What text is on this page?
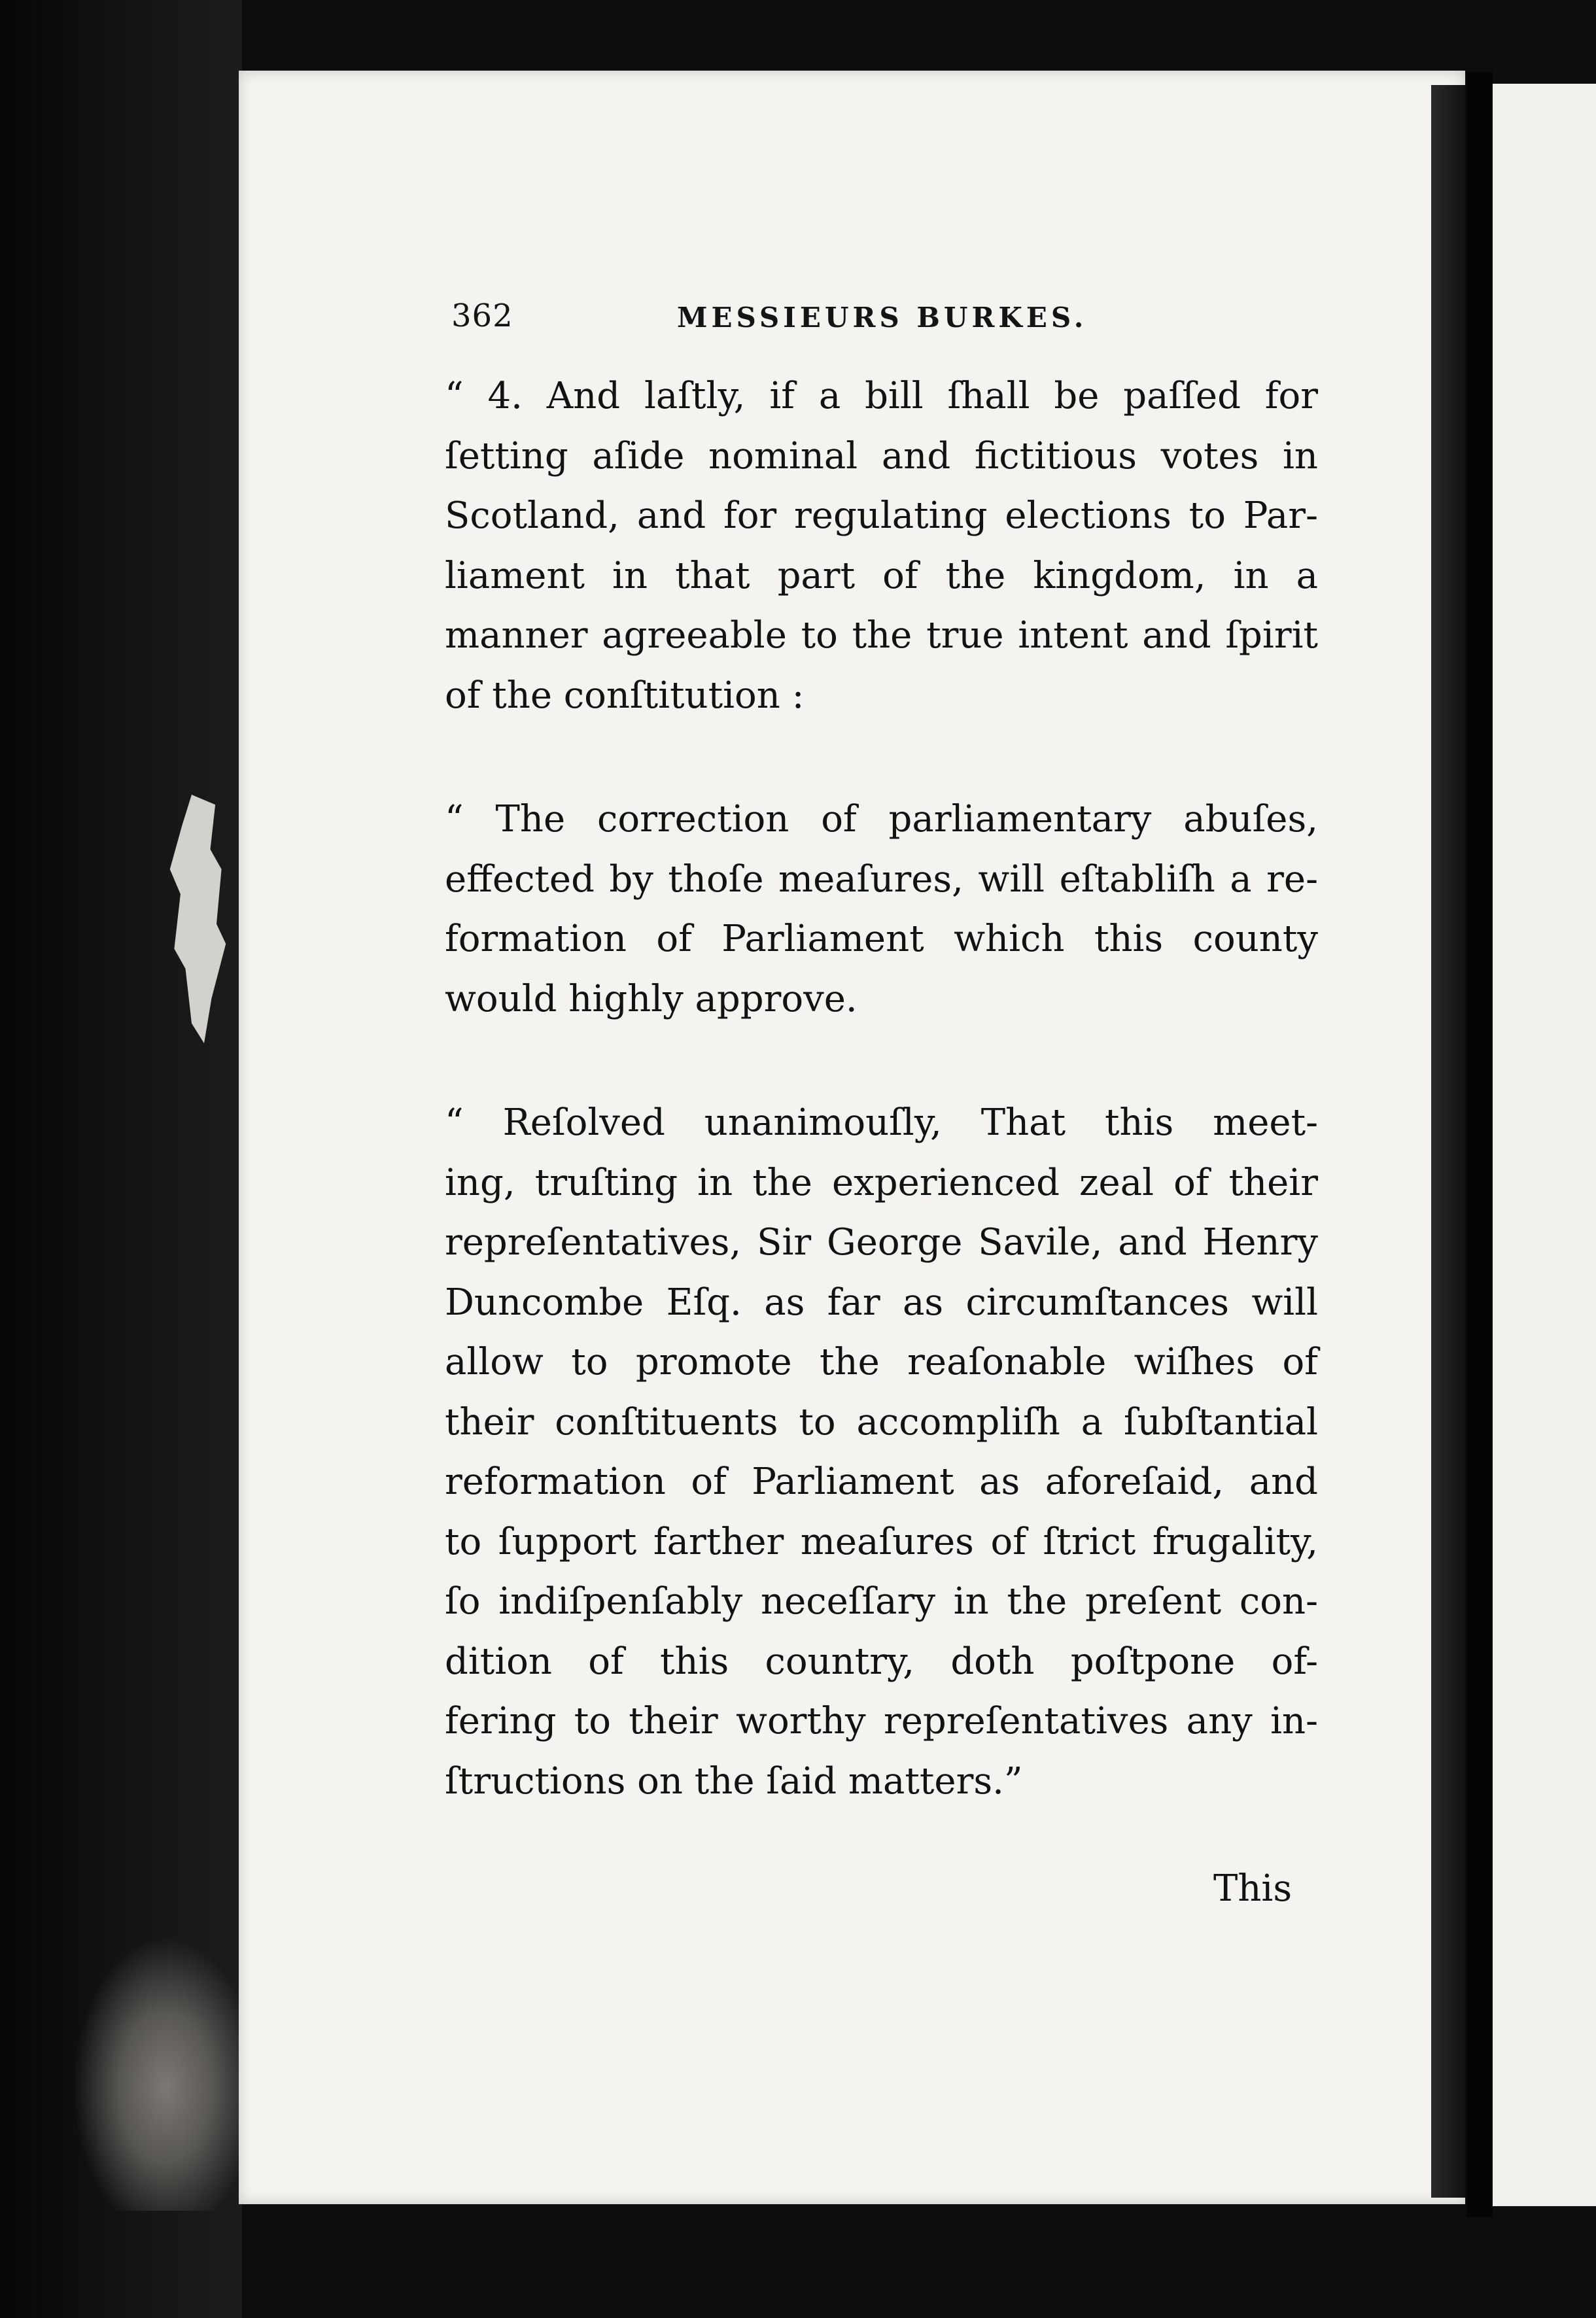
362	MESSIEURS BURKES.
“ 4. And laſtly, if a bill ſhall be paſſed for
ſetting aſide nominal and fictitious votes in
Scotland, and for regulating elections to Par-
liament in that part of the kingdom, in a
manner agreeable to the true intent and ſpirit
of the conſtitution :
“ The correction of parliamentary abuſes,
effected by thoſe meaſures, will eſtabliſh a re-
formation of Parliament which this county
would highly approve.
“ Reſolved unanimouſly, That this meet-
ing, truſting in the experienced zeal of their
repreſentatives, Sir George Savile, and Henry
Duncombe Eſq. as far as circumſtances will
allow to promote the reaſonable wiſhes of
their conſtituents to accompliſh a ſubſtantial
reformation of Parliament as aforeſaid, and
to ſupport farther meaſures of ſtrict frugality,
ſo indiſpenſably neceſſary in the preſent con-
dition of this country, doth poſtpone of-
fering to their worthy repreſentatives any in-
ſtructions on the ſaid matters.”
This
